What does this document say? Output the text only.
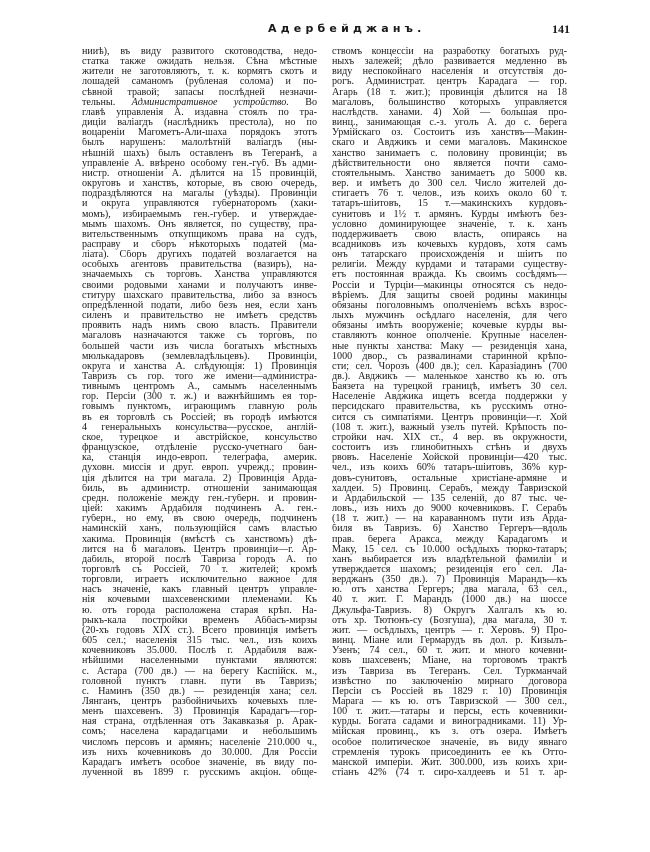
Адербейджанъ.	141
нииѣ), въ виду развитого скотоводства, недо-
статка также ожидать нельзя. Сѣна мѣстные
жители не заготовляютъ, т. к. кормятъ скотъ и
лошадей саманомъ (рубленая солома) и по-
сѣвной травой; запасы послѣдней незначи-
тельны. Административное устройство. Во
главѣ управленія А. издавна стоялъ по тра-
диціи валіагдъ (наслѣдникъ престола), но по
воцареніи Магометъ-Али-шаха порядокъ этотъ
былъ нарушенъ: малолѣтній валіагдъ (ны-
нѣшній шахъ) былъ оставленъ въ Тегеранѣ, а
управленіе А. ввѣрено особому ген.-губ. Въ адми-
нистр. отношеніи А. дѣлится на 15 провинцій,
округовъ и ханствъ, которые, въ свою очередь,
подраздѣляются на магалы (уѣзды). Провинціи
и округа управляются губернаторомъ (хаки-
момъ), избираемымъ ген.-губер. и утверждае-
мымъ шахомъ. Онъ является, по существу, пра-
вительственнымъ откупщикомъ права на судъ,
расправу и сборъ нѣкоторыхъ податей (ма-
ліата). Сборъ другихъ податей возлагается на
особыхъ агентовъ правительства (вазиръ), на-
значаемыхъ съ торговъ. Ханства управляются
своими родовыми ханами и получаютъ инве-
ституру шахскаго правительства, либо за взносъ
опредѣленной подати, либо безъ нея, если ханъ
силенъ и правительство не имѣетъ средствъ
проявить надъ нимъ свою власть. Правители
магаловъ назначаются также съ торговъ, по
большей части изъ числа богатыхъ мѣстныхъ
мюлькадаровъ (землевладѣльцевъ). Провинціи,
округа и ханства А. слѣдующія: 1) Провинція
Тавризъ съ гор. того же имени—администра-
тивнымъ центромъ А., самымъ населеннымъ
гор. Персіи (300 т. ж.) и важнѣйшимъ ея тор-
говымъ пунктомъ, играющимъ главную роль
въ ея торговлѣ съ Россіей; въ городѣ имѣются
4 генеральныхъ консульства—русское, англій-
ское, турецкое и австрійское, консульство
французское, отдѣленіе русско-учетнаго бан-
ка, станція индо-европ. телеграфа, америк.
духовн. миссія и друг. европ. учрежд.; провин-
ція дѣлится на три магала. 2) Провинція Арда-
биль, въ администр. отношеніи занимающая
средн. положеніе между ген.-губерн. и провин-
ціей: хакимъ Ардабиля подчиненъ А. ген.-
губерн., но ему, въ свою очередь, подчиненъ
наминскій ханъ, пользующійся самъ властью
хакима. Провинція (вмѣстѣ съ ханствомъ) дѣ-
лится на 6 магаловъ. Центръ провинціи—г. Ар-
дабиль, второй послѣ Тавриза городъ А. по
торговлѣ съ Россіей, 70 т. жителей; кромѣ
торговли, играетъ исключительно важное для
насъ значеніе, какъ главный центръ управле-
нія кочевыми шахсевенскими племенами. Къ
ю. отъ города расположена старая крѣп. На-
рыкъ-кала постройки временъ Аббасъ-мирзы
(20-хъ годовъ XIX ст.). Всего провинція имѣетъ
605 сел.; населенія 315 тыс. чел., изъ коихъ
кочевниковъ 35.000. Послѣ г. Ардабиля важ-
нѣйшими населенными пунктами являются:
с. Астара (700 дв.) — на берегу Каспійск. м.,
головной пунктъ главн. пути въ Тавризъ;
с. Наминъ (350 дв.) — резиденція хана; сел.
Лянганъ, центръ разбойничьихъ кочевыхъ пле-
менъ шахсевенъ. 3) Провинція Карадагъ—гор-
ная страна, отдѣленная отъ Закавказья р. Арак-
сомъ; населена карадагцами и небольшимъ
числомъ персовъ и армянъ; населеніе 210.000 ч.,
изъ нихъ кочевниковъ до 30.000. Для Россіи
Карадагъ имѣетъ особое значеніе, въ виду по-
лученной въ 1899 г. русскимъ акціон. обще-
ствомъ концессіи на разработку богатыхъ руд-
ныхъ залежей; дѣло развивается медленно въ
виду неспокойнаго населенія и отсутствія до-
рогъ. Администрат. центръ Карадага — гор.
Агарь (18 т. жит.); провинція дѣлится на 18
магаловъ, большинство которыхъ управляется
наслѣдств. ханами. 4) Хой — большая про-
винц., занимающая с.-з. уголъ А. до с. берега
Урмійскаго оз. Состоитъ изъ ханствъ—Макин-
скаго и Авджикъ и семи магаловъ. Макинское
ханство занимаетъ с. половину провинціи; въ
дѣйствительности оно является почти само-
стоятельнымъ. Ханство занимаетъ до 5000 кв.
вер. и имѣетъ до 300 сел. Число жителей до-
стигаетъ 76 т. челов., изъ коихъ около 60 т.
татаръ-шіитовъ, 15 т.—макинскихъ курдовъ-
сунитовъ и 1½ т. армянъ. Курды имѣютъ без-
условно доминирующее значеніе, т. к. ханъ
поддерживаетъ свою власть, опираясь на
всадниковъ изъ кочевыхъ курдовъ, хотя самъ
онъ татарскаго происхожденія и шіитъ по
религіи. Между курдами и татарами существу-
етъ постоянная вражда. Къ своимъ сосѣдямъ—
Россіи и Турціи—макинцы относятся съ недо-
вѣріемъ. Для защиты своей родины макинцы
обязаны поголовнымъ ополченіемъ всѣхъ взрос-
лыхъ мужчинъ осѣдлаго населенія, для чего
обязаны имѣть вооруженіе; кочевые курды вы-
ставляютъ конное ополченіе. Крупные населен-
ные пункты ханства: Маку — резиденція хана,
1000 двор., съ развалинами старинной крѣпо-
сти; сел. Чорозъ (400 дв.); сел. Каразіадинъ (700
дв.). Авджикъ — маленькое ханство къ ю. отъ
Баязета на турецкой границѣ, имѣетъ 30 сел.
Населеніе Авджика ищетъ всегда поддержки у
персидскаго правительства, къ русскимъ отно-
сится съ симпатіями. Центръ провинціи—г. Хой
(108 т. жит.), важный узелъ путей. Крѣпость по-
стройки нач. XIX ст., 4 вер. въ окружности,
состоитъ изъ глинобитныхъ стѣнъ и двухъ
рвовъ. Населеніе Хойской провинціи—420 тыс.
чел., изъ коихъ 60% татаръ-шіитовъ, 36% кур-
довъ-сунитовъ, остальные христіане-армяне и
халдеи. 5) Провинц. Серабъ, между Тавризской
и Ардабильской — 135 селеній, до 87 тыс. че-
ловъ., изъ нихъ до 9000 кочевниковъ. Г. Серабъ
(18 т. жит.) — на караванномъ пути изъ Арда-
биля въ Тавризъ. 6) Ханство Гергеръ—вдоль
прав. берега Аракса, между Карадагомъ и
Маку, 15 сел. съ 10.000 осѣдлыхъ тюрко-татаръ;
ханъ выбирается изъ владѣтельной фамиліи и
утверждается шахомъ; резиденція его сел. Ла-
верджанъ (350 дв.). 7) Провинція Марандъ—къ
ю. отъ ханства Гергеръ; два магала, 63 сел.,
40 т. жит. Г. Марандъ (1000 дв.) на шоссе
Джульфа-Тавризъ. 8) Округъ Халгалъ къ ю.
отъ хр. Тютюнъ-су (Бозгуша), два магала, 30 т.
жит. — осѣдлыхъ, центръ — г. Херовъ. 9) Про-
винц. Міане или Гермарудъ въ дол. р. Кизылъ-
Узенъ; 74 сел., 60 т. жит. и много кочевни-
ковъ шахсевенъ; Міане, на торговомъ трактѣ
изъ Тавриза въ Тегеранъ. Сел. Туркманчай
извѣстно по заключенію мирнаго договора
Персіи съ Россіей въ 1829 г. 10) Провинція
Марага — къ ю. отъ Тавризской — 300 сел.,
100 т. жит.—татары и персы, есть кочевники-
курды. Богата садами и виноградниками. 11) Ур-
мійская провинц., къ з. отъ озера. Имѣетъ
особое политическое значеніе, въ виду явнаго
стремленія турокъ присоединить ее къ Отто-
манской имперіи. Жит. 300.000, изъ коихъ хри-
стіанъ 42% (74 т. сиро-халдеевъ и 51 т. ар-
